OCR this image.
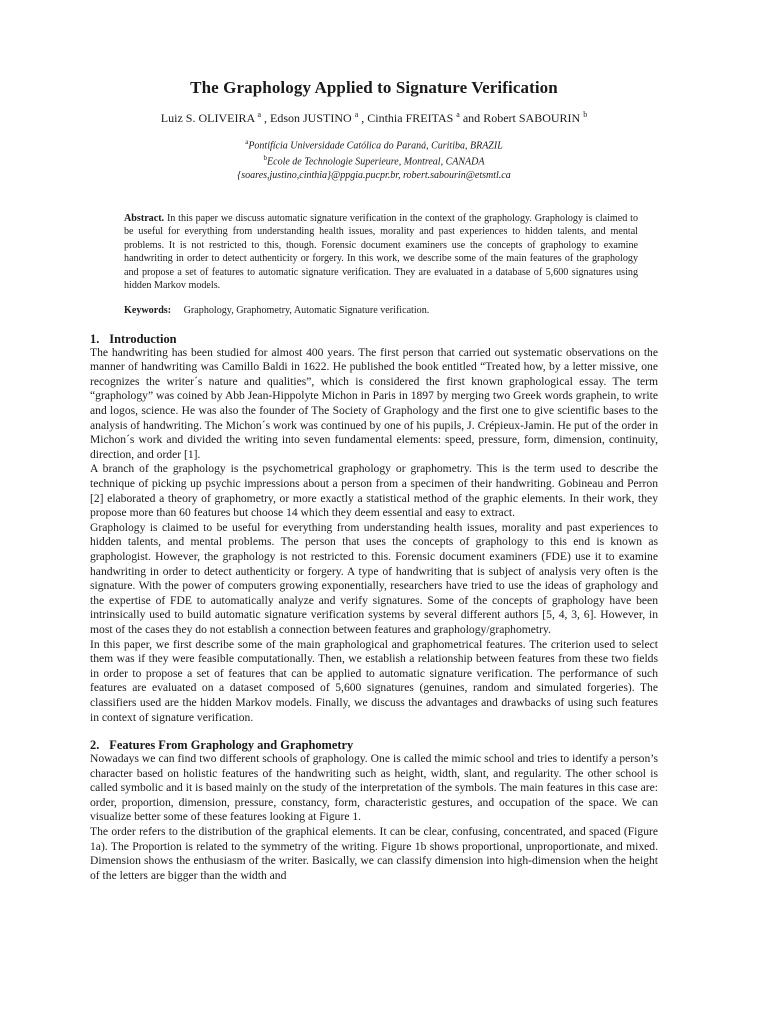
The Graphology Applied to Signature Verification
Luiz S. OLIVEIRA $^a$ , Edson JUSTINO $^a$ , Cinthia FREITAS $^a$ and Robert SABOURIN $^b$
$^a$Pontifícia Universidade Católica do Paraná, Curitiba, BRAZIL
$^b$Ecole de Technologie Superieure, Montreal, CANADA
{soares,justino,cinthia}@ppgia.pucpr.br, robert.sabourin@etsmtl.ca
Abstract. In this paper we discuss automatic signature verification in the context of the graphology. Graphology is claimed to be useful for everything from understanding health issues, morality and past experiences to hidden talents, and mental problems. It is not restricted to this, though. Forensic document examiners use the concepts of graphology to examine handwriting in order to detect authenticity or forgery. In this work, we describe some of the main features of the graphology and propose a set of features to automatic signature verification. They are evaluated in a database of 5,600 signatures using hidden Markov models.
Keywords: Graphology, Graphometry, Automatic Signature verification.
1. Introduction

The handwriting has been studied for almost 400 years. The first person that carried out systematic observations on the manner of handwriting was Camillo Baldi in 1622. He published the book entitled “Treated how, by a letter missive, one recognizes the writer´s nature and qualities”, which is considered the first known graphological essay. The term “graphology” was coined by Abb Jean-Hippolyte Michon in Paris in 1897 by merging two Greek words graphein, to write and logos, science. He was also the founder of The Society of Graphology and the first one to give scientific bases to the analysis of handwriting. The Michon´s work was continued by one of his pupils, J. Crépieux-Jamin. He put of the order in Michon´s work and divided the writing into seven fundamental elements: speed, pressure, form, dimension, continuity, direction, and order [1].

A branch of the graphology is the psychometrical graphology or graphometry. This is the term used to describe the technique of picking up psychic impressions about a person from a specimen of their handwriting. Gobineau and Perron [2] elaborated a theory of graphometry, or more exactly a statistical method of the graphic elements. In their work, they propose more than 60 features but choose 14 which they deem essential and easy to extract.

Graphology is claimed to be useful for everything from understanding health issues, morality and past experiences to hidden talents, and mental problems. The person that uses the concepts of graphology to this end is known as graphologist. However, the graphology is not restricted to this. Forensic document examiners (FDE) use it to examine handwriting in order to detect authenticity or forgery. A type of handwriting that is subject of analysis very often is the signature. With the power of computers growing exponentially, researchers have tried to use the ideas of graphology and the expertise of FDE to automatically analyze and verify signatures. Some of the concepts of graphology have been intrinsically used to build automatic signature verification systems by several different authors [5, 4, 3, 6]. However, in most of the cases they do not establish a connection between features and graphology/graphometry.

In this paper, we first describe some of the main graphological and graphometrical features. The criterion used to select them was if they were feasible computationally. Then, we establish a relationship between features from these two fields in order to propose a set of features that can be applied to automatic signature verification. The performance of such features are evaluated on a dataset composed of 5,600 signatures (genuines, random and simulated forgeries). The classifiers used are the hidden Markov models. Finally, we discuss the advantages and drawbacks of using such features in context of signature verification.

2. Features From Graphology and Graphometry

Nowadays we can find two different schools of graphology. One is called the mimic school and tries to identify a person’s character based on holistic features of the handwriting such as height, width, slant, and regularity. The other school is called symbolic and it is based mainly on the study of the interpretation of the symbols. The main features in this case are: order, proportion, dimension, pressure, constancy, form, characteristic gestures, and occupation of the space. We can visualize better some of these features looking at Figure 1.

The order refers to the distribution of the graphical elements. It can be clear, confusing, concentrated, and spaced (Figure 1a). The Proportion is related to the symmetry of the writing. Figure 1b shows proportional, unproportionate, and mixed. Dimension shows the enthusiasm of the writer. Basically, we can classify dimension into high-dimension when the height of the letters are bigger than the width and
